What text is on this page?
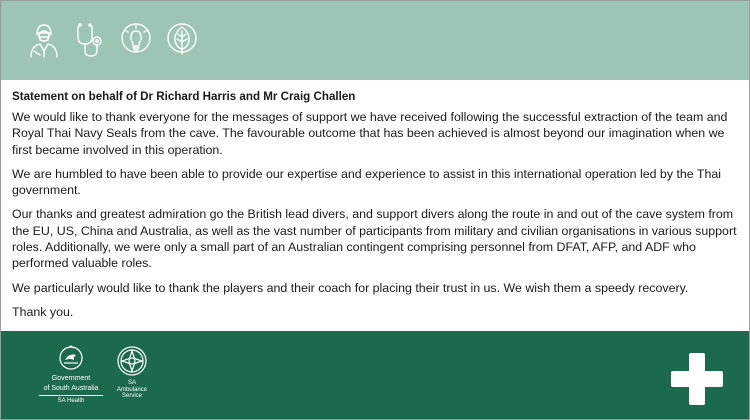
Statement on behalf of Dr Richard Harris and Mr Craig Challen

We would like to thank everyone for the messages of support we have received following the successful extraction of the team and Royal Thai Navy Seals from the cave. The favourable outcome that has been achieved is almost beyond our imagination when we first became involved in this operation.

We are humbled to have been able to provide our expertise and experience to assist in this international operation led by the Thai government.

Our thanks and greatest admiration go the British lead divers, and support divers along the route in and out of the cave system from the EU, US, China and Australia, as well as the vast number of participants from military and civilian organisations in various support roles. Additionally, we were only a small part of an Australian contingent comprising personnel from DFAT, AFP, and ADF who performed valuable roles.

We particularly would like to thank the players and their coach for placing their trust in us. We wish them a speedy recovery.

Thank you.

Government
of South Australia
SA Health
SA
Ambulance
Service
